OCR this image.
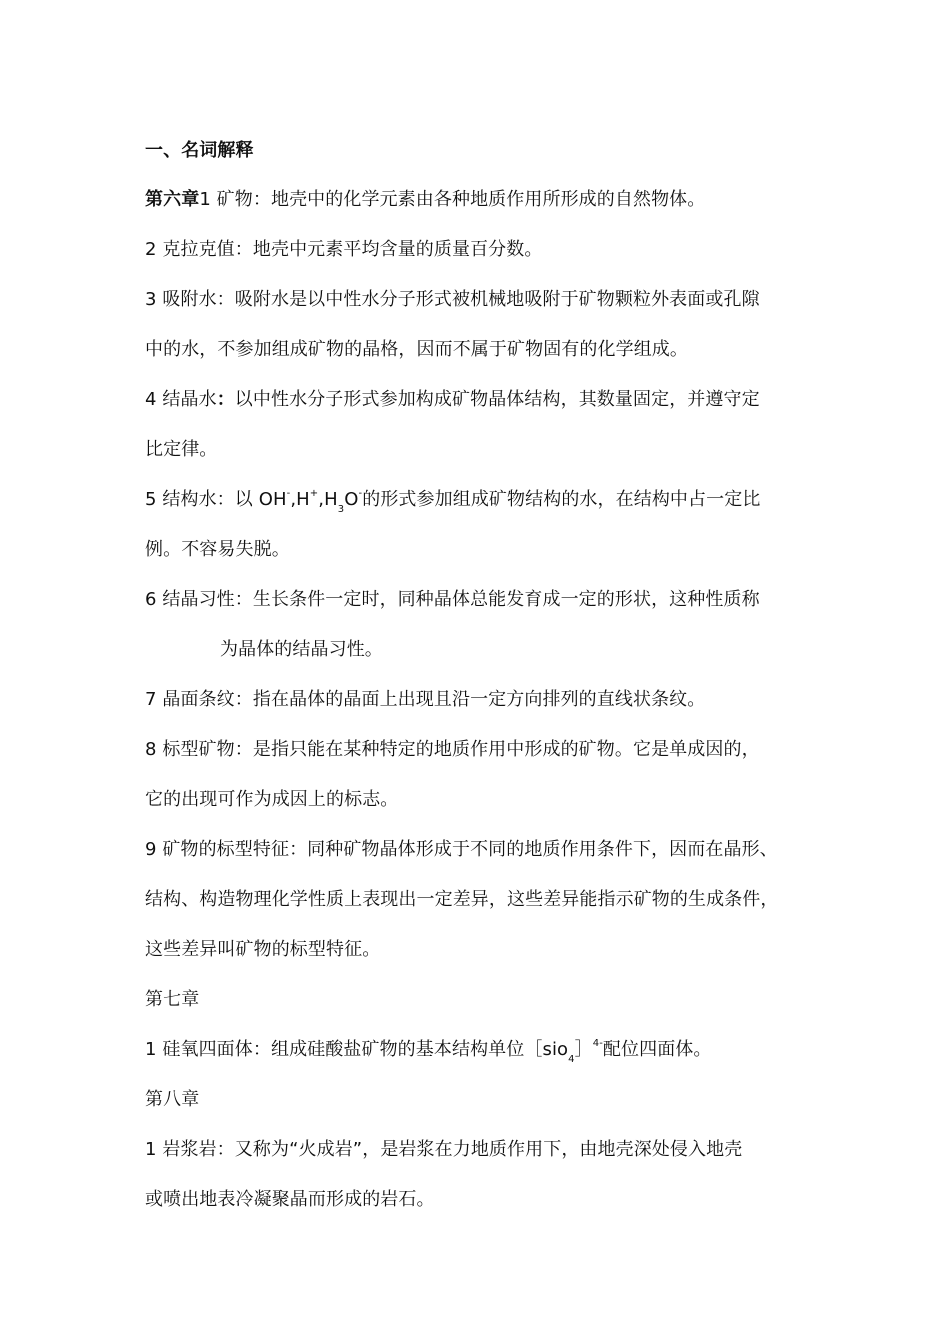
一、名词解释
第六章1 矿物：地壳中的化学元素由各种地质作用所形成的自然物体。
2 克拉克值：地壳中元素平均含量的质量百分数。
3 吸附水：吸附水是以中性水分子形式被机械地吸附于矿物颗粒外表面或孔隙
中的水，不参加组成矿物的晶格，因而不属于矿物固有的化学组成。
4 结晶水：以中性水分子形式参加构成矿物晶体结构，其数量固定，并遵守定
比定律。
5 结构水：以 $OH^-,H^+,H_3O^-$的形式参加组成矿物结构的水，在结构中占一定比
例。不容易失脱。
6 结晶习性：生长条件一定时，同种晶体总能发育成一定的形状，这种性质称
为晶体的结晶习性。
7 晶面条纹：指在晶体的晶面上出现且沿一定方向排列的直线状条纹。
8 标型矿物：是指只能在某种特定的地质作用中形成的矿物。它是单成因的，
它的出现可作为成因上的标志。
9 矿物的标型特征：同种矿物晶体形成于不同的地质作用条件下，因而在晶形、
结构、构造物理化学性质上表现出一定差异，这些差异能指示矿物的生成条件，
这些差异叫矿物的标型特征。
第七章
1 硅氧四面体：组成硅酸盐矿物的基本结构单位［sio$_4$］$^{4-}$配位四面体。
第八章
1 岩浆岩：又称为“火成岩”，是岩浆在力地质作用下，由地壳深处侵入地壳
或喷出地表冷凝聚晶而形成的岩石。
